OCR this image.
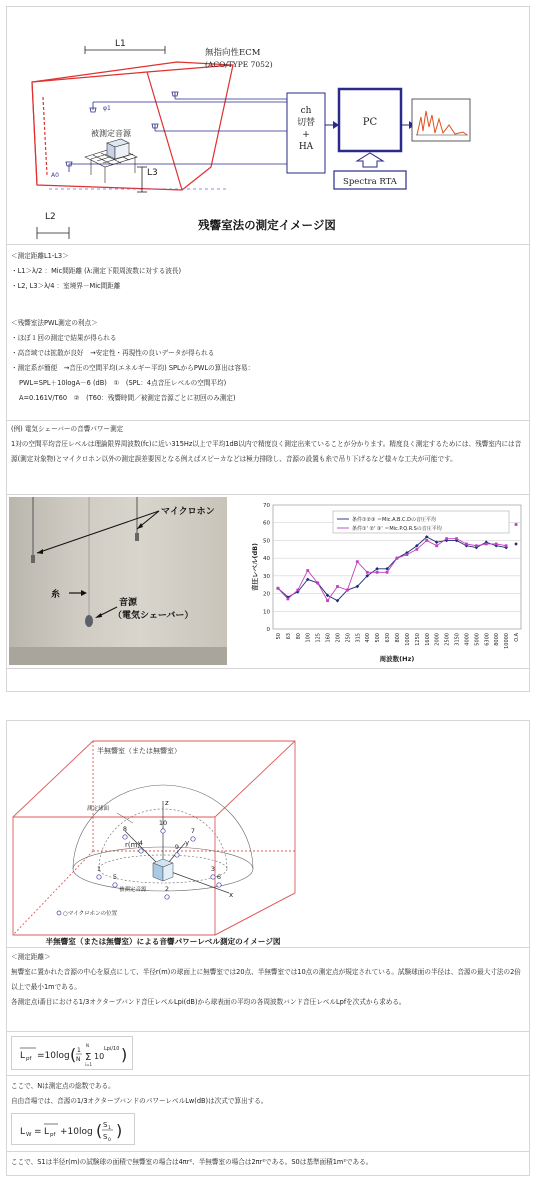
L1
φ1
A0
被測定音源
L3
L2
無指向性ECM
(ACO/TYPE 7052)
ch
切替
+
HA
PC
Spectra RTA
残響室法の測定イメージ図
＜測定距離L1-L3＞
・L1＞λ/2 ：Mic間距離 (λ:測定下限周波数に対する波長)
・L2, L3＞λ/4 ：室境界－Mic間距離
＜残響室法PWL測定の利点＞
・ほぼ１回の測定で結果が得られる
・高音域では拡散が良好　→安定性・再現性の良いデータが得られる
・測定系が簡便　→音圧の空間平均(エネルギー平均) SPLからPWLの算出は容易：
PWL=SPL＋10logA－6 (dB)　①　(SPL：4点音圧レベルの空間平均)
A=0.161V/T60　②　(T60：残響時間／被測定音源ごとに初回のみ測定)
(例) 電気シェーバーの音響パワー測定
1対の空間平均音圧レベルは理論限界周波数(fc)に近い315Hz以上で平均1dB以内で精度良く測定出来ていることが分かります。精度良く測定するためには、残響室内には音源(測定対象物)とマイクロホン以外の測定誤差要因となる例えばスピーカなどは極力排除し、音源の設置も糸で吊り下げるなど様々な工夫が可能です。
マイクロホン
糸
音源
（電気シェーバー）
0
10
20
30
40
50
60
70
50 63 80 100 125 160 200 250 315 400 500 630 800 1000 1250 1600 2000 2500 3150 4000 5000 6300 8000 10000 O.A
周波数(Hz)
音圧レベル(dB)
条件①②③ ＝Mic.A.B.C.Dの音圧平均
条件①' ②' ③' ＝Mic.P.Q.R.Sの音圧平均
半無響室（または無響室）
測定球面
z
y
x
r(m)
被測定音源
1
2
3
4
5	6
7
8
9
10
○マイクロホンの位置
半無響室（または無響室）による音響パワーレベル測定のイメージ図
＜測定距離＞
無響室に置かれた音源の中心を原点にして、半径r(m)の球面上に無響室では20点、半無響室では10点の測定点が規定されている。試験球面の半径は、音源の最大寸法の2倍以上で最小1mである。
各測定点i番目における1/3オクターブバンド音圧レベルLpi(dB)から球表面の平均の各周波数バンド音圧レベルLpfを次式から求める。
L pf =10log ( 1
N Σ
N
i=1
10
Lpi/10 )
ここで、Nは測定点の総数である。
自由音場では、音源の1/3オクターブバンドのパワーレベルLw(dB)は次式で算出する。
L W = L pf +10log ( S 1
S 0
)
ここで、S1は半径r(m)の試験球の面積で無響室の場合は4πr²、半無響室の場合は2πr²である。S0は基準面積1m²である。
